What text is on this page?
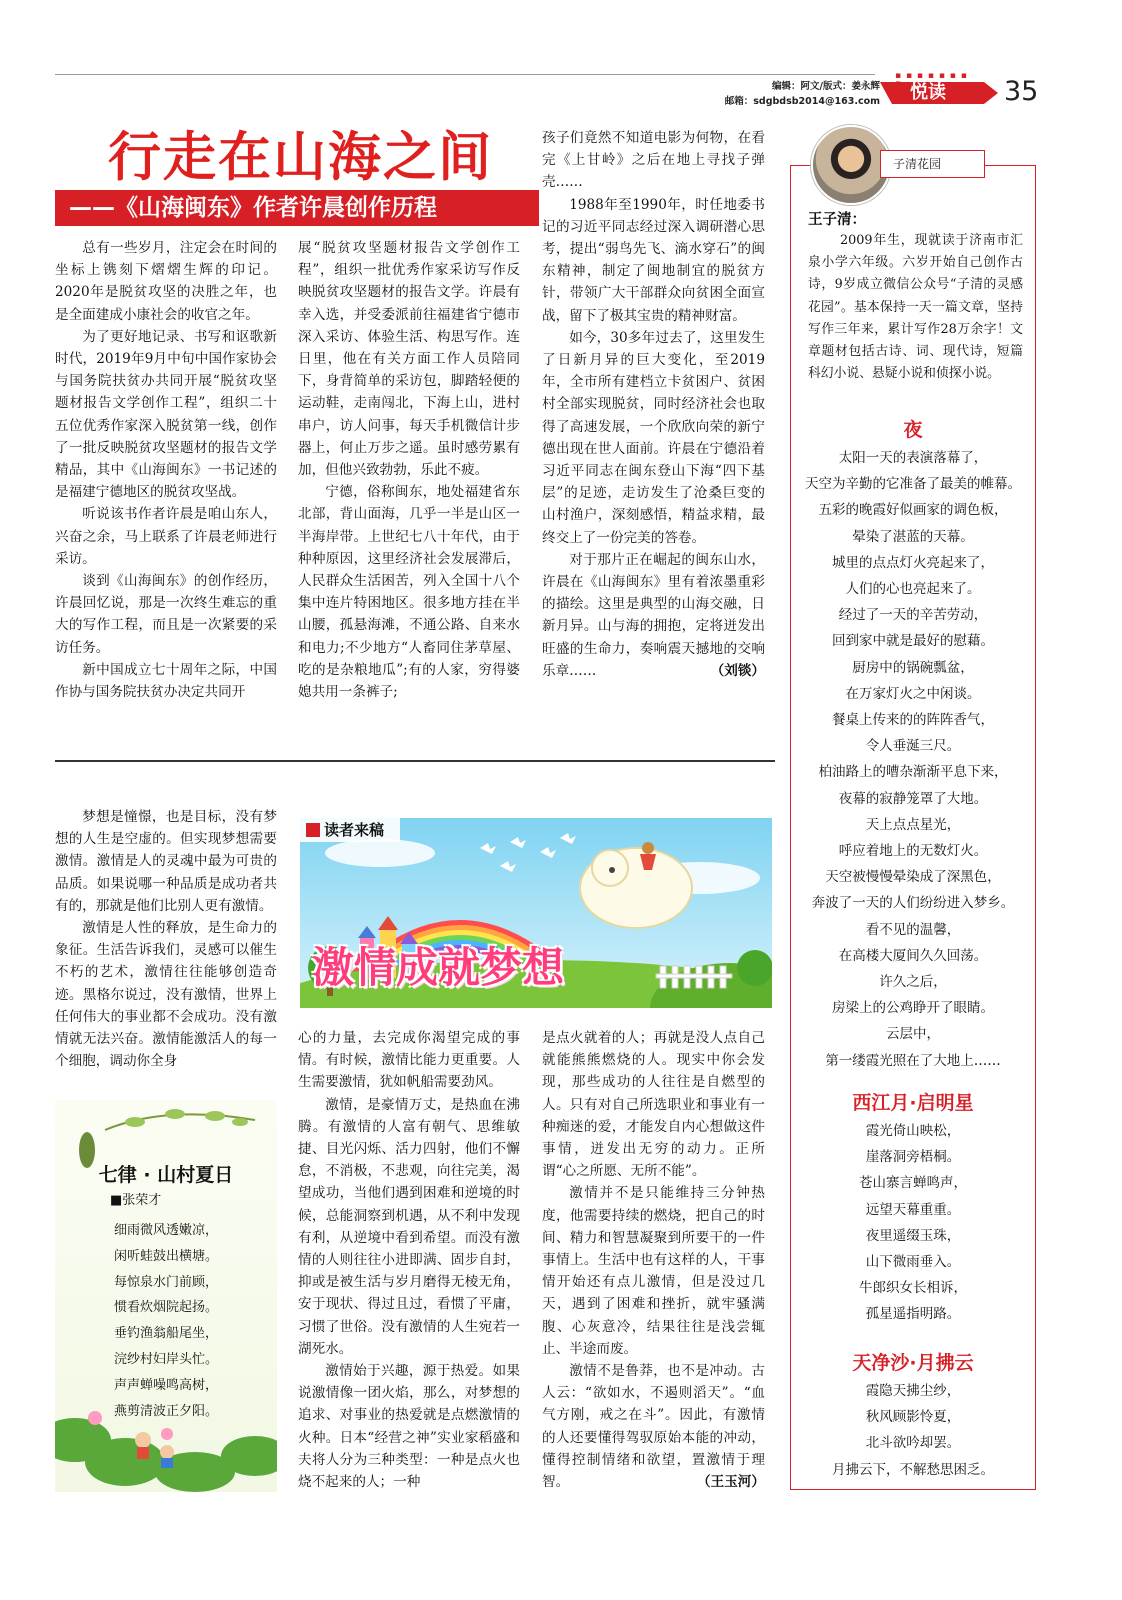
编辑：阿文/版式：姜永辉
邮箱：sdgbdsb2014@163.com
▪ ▪ ▪ ▪ ▪ ▪ ▪
悦读 35
行走在山海之间
——《山海闽东》作者许晨创作历程

总有一些岁月，注定会在时间的坐标上镌刻下熠熠生辉的印记。2020年是脱贫攻坚的决胜之年，也是全面建成小康社会的收官之年。

为了更好地记录、书写和讴歌新时代，2019年9月中旬中国作家协会与国务院扶贫办共同开展“脱贫攻坚题材报告文学创作工程”，组织二十五位优秀作家深入脱贫第一线，创作了一批反映脱贫攻坚题材的报告文学精品，其中《山海闽东》一书记述的是福建宁德地区的脱贫攻坚战。

听说该书作者许晨是咱山东人，兴奋之余，马上联系了许晨老师进行采访。

谈到《山海闽东》的创作经历，许晨回忆说，那是一次终生难忘的重大的写作工程，而且是一次紧要的采访任务。

新中国成立七十周年之际，中国作协与国务院扶贫办决定共同开

展“脱贫攻坚题材报告文学创作工程”，组织一批优秀作家采访写作反映脱贫攻坚题材的报告文学。许晨有幸入选，并受委派前往福建省宁德市深入采访、体验生活、构思写作。连日里，他在有关方面工作人员陪同下，身背简单的采访包，脚踏轻便的运动鞋，走南闯北，下海上山，进村串户，访人问事，每天手机微信计步器上，何止万步之遥。虽时感劳累有加，但他兴致勃勃，乐此不疲。

宁德，俗称闽东，地处福建省东北部，背山面海，几乎一半是山区一半海岸带。上世纪七八十年代，由于种种原因，这里经济社会发展滞后，人民群众生活困苦，列入全国十八个集中连片特困地区。很多地方挂在半山腰，孤悬海滩，不通公路、自来水和电力;不少地方“人畜同住茅草屋、吃的是杂粮地瓜”;有的人家，穷得婆媳共用一条裤子;

孩子们竟然不知道电影为何物，在看完《上甘岭》之后在地上寻找子弹壳……

1988年至1990年，时任地委书记的习近平同志经过深入调研潜心思考，提出“弱鸟先飞、滴水穿石”的闽东精神，制定了闽地制宜的脱贫方针，带领广大干部群众向贫困全面宣战，留下了极其宝贵的精神财富。

如今，30多年过去了，这里发生了日新月异的巨大变化，至2019年，全市所有建档立卡贫困户、贫困村全部实现脱贫，同时经济社会也取得了高速发展，一个欣欣向荣的新宁德出现在世人面前。许晨在宁德沿着习近平同志在闽东登山下海“四下基层”的足迹，走访发生了沧桑巨变的山村渔户，深刻感悟，精益求精，最终交上了一份完美的答卷。

对于那片正在崛起的闽东山水，许晨在《山海闽东》里有着浓墨重彩的描绘。这里是典型的山海交融，日新月异。山与海的拥抱，定将迸发出旺盛的生命力，奏响震天撼地的交响乐章……	（刘锬）
子清花园
王子清：
2009年生，现就读于济南市汇泉小学六年级。六岁开始自己创作古诗，9岁成立微信公众号“子清的灵感花园”。基本保持一天一篇文章，坚持写作三年来，累计写作28万余字！文章题材包括古诗、词、现代诗，短篇科幻小说、悬疑小说和侦探小说。
夜
太阳一天的表演落幕了，
天空为辛勤的它准备了最美的帷幕。
五彩的晚霞好似画家的调色板，
晕染了湛蓝的天幕。
城里的点点灯火亮起来了，
人们的心也亮起来了。
经过了一天的辛苦劳动，
回到家中就是最好的慰藉。
厨房中的锅碗瓢盆，
在万家灯火之中闲谈。
餐桌上传来的的阵阵香气，
令人垂涎三尺。
柏油路上的嘈杂渐渐平息下来，
夜幕的寂静笼罩了大地。
天上点点星光，
呼应着地上的无数灯火。
天空被慢慢晕染成了深黑色，
奔波了一天的人们纷纷进入梦乡。
看不见的温馨，
在高楼大厦间久久回荡。
许久之后，
房梁上的公鸡睁开了眼睛。
云层中，
第一缕霞光照在了大地上……
西江月·启明星
霞光倚山映松，
崖落洞旁梧桐。
苍山寨言蝉鸣声，
远望天幕重重。
夜里遥缀玉珠，
山下微雨垂入。
牛郎织女长相诉，
孤星遥指明路。
天净沙·月拂云
霞隐天拂尘纱，
秋风顾影怜夏，
北斗欲吟却罢。
月拂云下，不解愁思困乏。

梦想是憧憬，也是目标，没有梦想的人生是空虚的。但实现梦想需要激情。激情是人的灵魂中最为可贵的品质。如果说哪一种品质是成功者共有的，那就是他们比别人更有激情。

激情是人性的释放，是生命力的象征。生活告诉我们，灵感可以催生不朽的艺术，激情往往能够创造奇迹。黑格尔说过，没有激情，世界上任何伟大的事业都不会成功。没有激情就无法兴奋。激情能激活人的每一个细胞，调动你全身

读者来稿
激情成就梦想

心的力量，去完成你渴望完成的事情。有时候，激情比能力更重要。人生需要激情，犹如帆船需要劲风。

激情，是豪情万丈，是热血在沸腾。有激情的人富有朝气、思维敏捷、目光闪烁、活力四射，他们不懈怠，不消极，不悲观，向往完美，渴望成功，当他们遇到困难和逆境的时候，总能洞察到机遇，从不利中发现有利，从逆境中看到希望。而没有激情的人则往往小进即满、固步自封，抑或是被生活与岁月磨得无棱无角，安于现状、得过且过，看惯了平庸，习惯了世俗。没有激情的人生宛若一湖死水。

激情始于兴趣，源于热爱。如果说激情像一团火焰，那么，对梦想的追求、对事业的热爱就是点燃激情的火种。日本“经营之神”实业家稻盛和夫将人分为三种类型：一种是点火也烧不起来的人；一种

是点火就着的人；再就是没人点自己就能熊熊燃烧的人。现实中你会发现，那些成功的人往往是自燃型的人。只有对自己所选职业和事业有一种痴迷的爱，才能发自内心想做这件事情，迸发出无穷的动力。正所谓“心之所愿、无所不能”。

激情并不是只能维持三分钟热度，他需要持续的燃烧，把自己的时间、精力和智慧凝聚到所要干的一件事情上。生活中也有这样的人，干事情开始还有点儿激情，但是没过几天，遇到了困难和挫折，就牢骚满腹、心灰意冷，结果往往是浅尝辄止、半途而废。

激情不是鲁莽，也不是冲动。古人云：“欲如水，不遏则滔天”。“血气方刚，戒之在斗”。因此，有激情的人还要懂得驾驭原始本能的冲动，懂得控制情绪和欲望，置激情于理智。	（王玉河）
七律 · 山村夏日
■张荣才
细雨微风透嫩凉，
闲听蛙鼓出横塘。
每惊泉水门前顾，
惯看炊烟院起扬。
垂钓渔翁船尾坐，
浣纱村妇岸头忙。
声声蝉噪鸣高树，
燕剪清波正夕阳。
